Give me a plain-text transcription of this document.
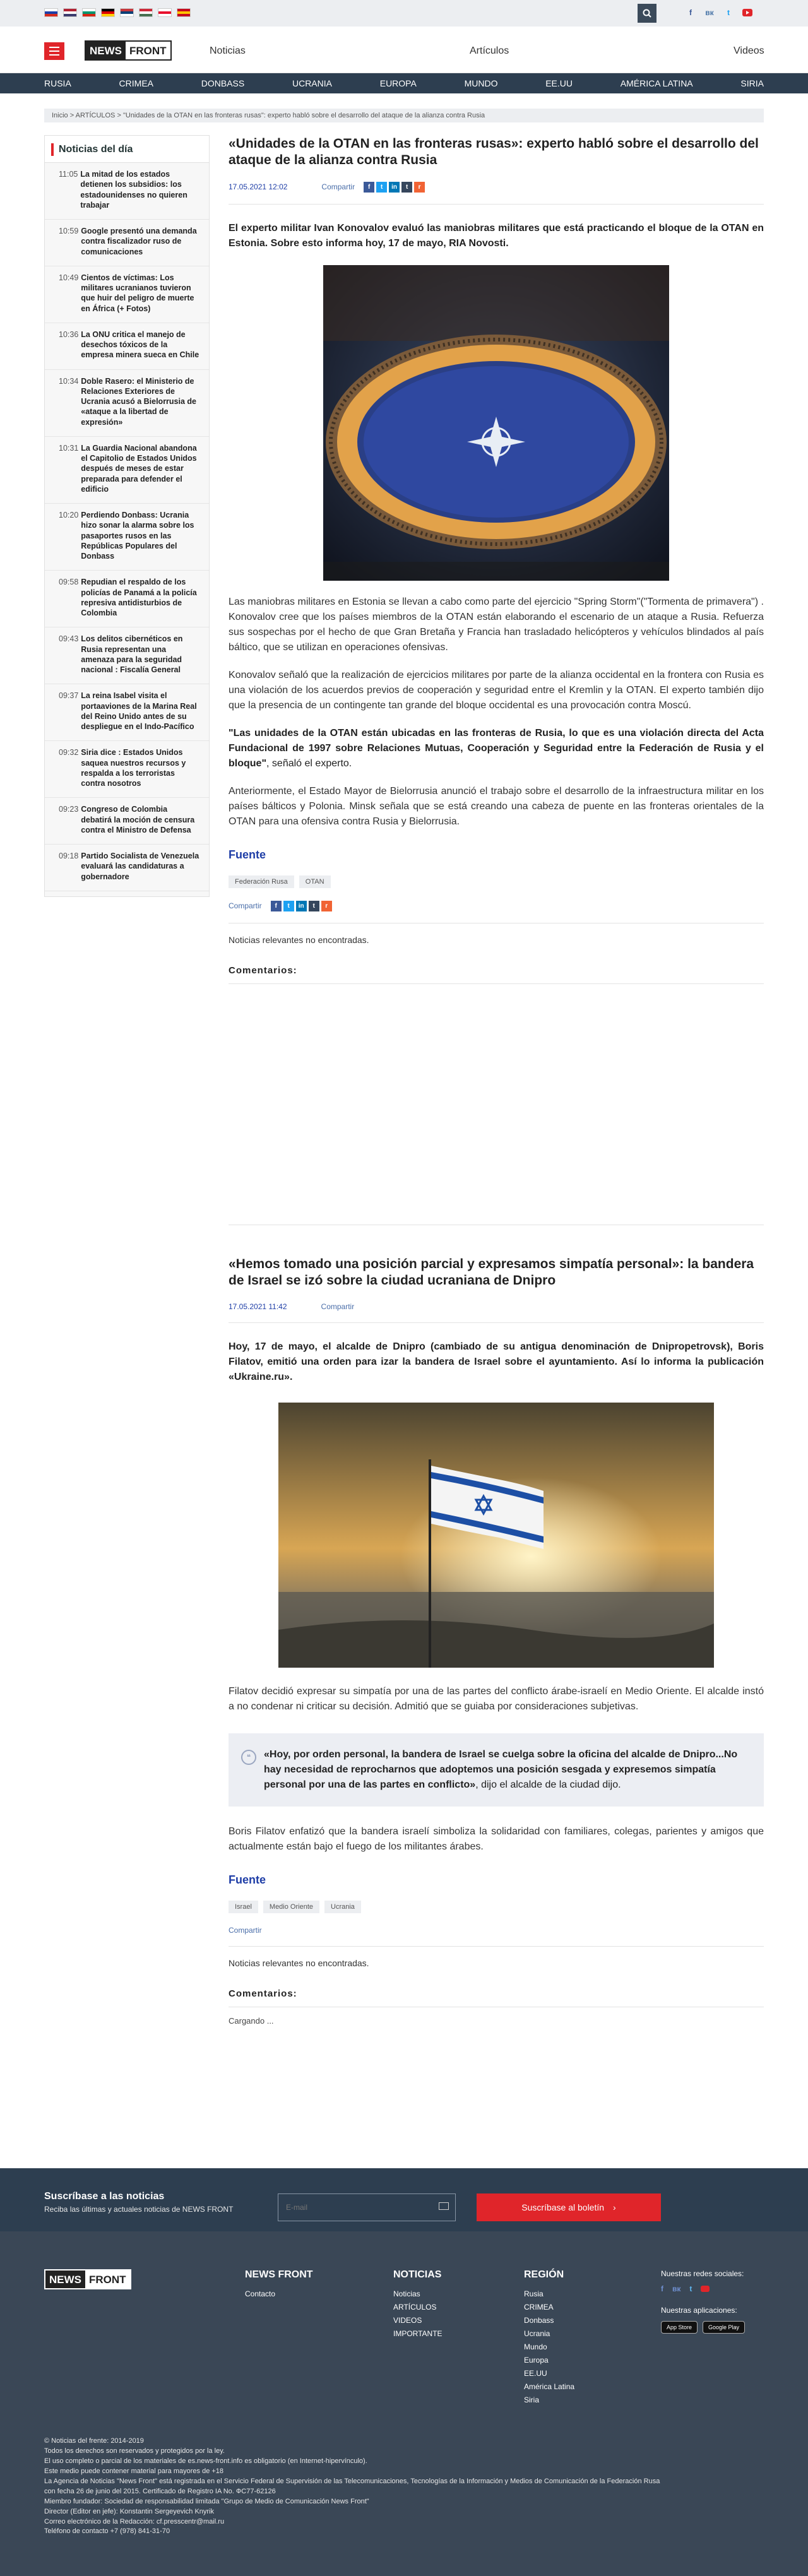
f	вк	t
NEWS FRONT	Noticias	Artículos	Videos
RUSIA	CRIMEA	DONBASS	UCRANIA	EUROPA	MUNDO	EE.UU	AMÉRICA LATINA	SIRIA
Inicio > ARTÍCULOS > "Unidades de la OTAN en las fronteras rusas": experto habló sobre el desarrollo del ataque de la alianza contra Rusia
Noticias del día
11:05 La mitad de los estados detienen los subsidios: los estadounidenses no quieren trabajar
10:59 Google presentó una demanda contra fiscalizador ruso de comunicaciones
10:49 Cientos de víctimas: Los militares ucranianos tuvieron que huir del peligro de muerte en África (+ Fotos)
10:36 La ONU critica el manejo de desechos tóxicos de la empresa minera sueca en Chile
10:34 Doble Rasero: el Ministerio de Relaciones Exteriores de Ucrania acusó a Bielorrusia de «ataque a la libertad de expresión»
10:31 La Guardia Nacional abandona el Capitolio de Estados Unidos después de meses de estar preparada para defender el edificio
10:20 Perdiendo Donbass: Ucrania hizo sonar la alarma sobre los pasaportes rusos en las Repúblicas Populares del Donbass
09:58 Repudian el respaldo de los policías de Panamá a la policía represiva antidisturbios de Colombia
09:43 Los delitos cibernéticos en Rusia representan una amenaza para la seguridad nacional : Fiscalía General
09:37 La reina Isabel visita el portaaviones de la Marina Real del Reino Unido antes de su despliegue en el Indo-Pacífico
09:32 Siria dice : Estados Unidos saquea nuestros recursos y respalda a los terroristas contra nosotros
09:23 Congreso de Colombia debatirá la moción de censura contra el Ministro de Defensa
09:18 Partido Socialista de Venezuela evaluará las candidaturas a gobernadore
«Unidades de la OTAN en las fronteras rusas»: experto habló sobre el desarrollo del ataque de la alianza contra Rusia
17.05.2021 12:02	Compartir	f	t	in	t	r

El experto militar Ivan Konovalov evaluó las maniobras militares que está practicando el bloque de la OTAN en Estonia. Sobre esto informa hoy, 17 de mayo, RIA Novosti.

Las maniobras militares en Estonia se llevan a cabo como parte del ejercicio "Spring Storm"("Tormenta de primavera") . Konovalov cree que los países miembros de la OTAN están elaborando el escenario de un ataque a Rusia. Refuerza sus sospechas por el hecho de que Gran Bretaña y Francia han trasladado helicópteros y vehículos blindados al país báltico, que se utilizan en operaciones ofensivas.

Konovalov señaló que la realización de ejercicios militares por parte de la alianza occidental en la frontera con Rusia es una violación de los acuerdos previos de cooperación y seguridad entre el Kremlin y la OTAN. El experto también dijo que la presencia de un contingente tan grande del bloque occidental es una provocación contra Moscú.

"Las unidades de la OTAN están ubicadas en las fronteras de Rusia, lo que es una violación directa del Acta Fundacional de 1997 sobre Relaciones Mutuas, Cooperación y Seguridad entre la Federación de Rusia y el bloque", señaló el experto.

Anteriormente, el Estado Mayor de Bielorrusia anunció el trabajo sobre el desarrollo de la infraestructura militar en los países bálticos y Polonia. Minsk señala que se está creando una cabeza de puente en las fronteras orientales de la OTAN para una ofensiva contra Rusia y Bielorrusia.

Fuente
Federación Rusa	OTAN
Compartir	f	t	in	t	r
Noticias relevantes no encontradas.
Comentarios:
«Hemos tomado una posición parcial y expresamos simpatía personal»: la bandera de Israel se izó sobre la ciudad ucraniana de Dnipro
17.05.2021 11:42	Compartir

Hoy, 17 de mayo, el alcalde de Dnipro (cambiado de su antigua denominación de Dnipropetrovsk), Boris Filatov, emitió una orden para izar la bandera de Israel sobre el ayuntamiento. Así lo informa la publicación «Ukraine.ru».

Filatov decidió expresar su simpatía por una de las partes del conflicto árabe-israelí en Medio Oriente. El alcalde instó a no condenar ni criticar su decisión. Admitió que se guiaba por consideraciones subjetivas.

❝	«Hoy, por orden personal, la bandera de Israel se cuelga sobre la oficina del alcalde de Dnipro...No hay necesidad de reprocharnos que adoptemos una posición sesgada y expresemos simpatía personal por una de las partes en conflicto», dijo el alcalde de la ciudad dijo.

Boris Filatov enfatizó que la bandera israelí simboliza la solidaridad con familiares, colegas, parientes y amigos que actualmente están bajo el fuego de los militantes árabes.

Fuente
Israel	Medio Oriente	Ucrania
Compartir
Noticias relevantes no encontradas.
Comentarios:
Cargando ...
Suscríbase a las noticias
Reciba las últimas y actuales noticias de NEWS FRONT
E-mail	Suscríbase al boletín ›
NEWS FRONT	NEWS FRONT
Contacto
NOTICIAS
Noticias
ARTÍCULOS
VIDEOS
IMPORTANTE
REGIÓN
Rusia
CRIMEA
Donbass
Ucrania
Mundo
Europa
EE.UU
América Latina
Siria
Nuestras redes sociales:
f вк t
Nuestras aplicaciones:
App Store	Google Play
© Noticias del frente: 2014-2019
Todos los derechos son reservados y protegidos por la ley.
El uso completo o parcial de los materiales de es.news-front.info es obligatorio (en Internet-hipervínculo).
Este medio puede contener material para mayores de +18
La Agencia de Noticias "News Front" está registrada en el Servicio Federal de Supervisión de las Telecomunicaciones, Tecnologías de la Información y Medios de Comunicación de la Federación Rusa
con fecha 26 de junio del 2015. Certificado de Registro IA No. ФС77-62126
Miembro fundador: Sociedad de responsabilidad limitada "Grupo de Medio de Comunicación News Front"
Director (Editor en jefe): Konstantin Sergeyevich Knyrik
Correo electrónico de la Redacción: cf.presscentr@mail.ru
Teléfono de contacto +7 (978) 841-31-70
